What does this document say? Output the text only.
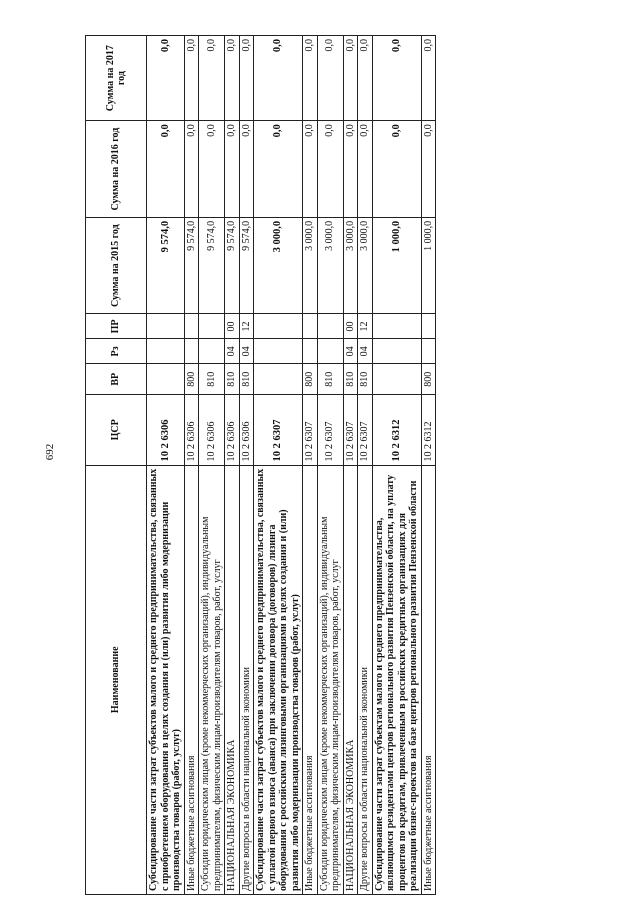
692
Наименование	ЦСР	ВР	Рз	ПР	Сумма на 2015 год	Сумма на 2016 год	Сумма на 2017 год
Субсидирование части затрат субъектов малого и среднего предпринимательства, связанных с приобретением оборудования в целях создания и (или) развития либо модернизации производства товаров (работ, услуг)	10 2 6306				9 574,0	0,0	0,0
Иные бюджетные ассигнования	10 2 6306	800			9 574,0	0,0	0,0
Субсидии юридическим лицам (кроме некоммерческих организаций), индивидуальным предпринимателям, физическим лицам-производителям товаров, работ, услуг	10 2 6306	810			9 574,0	0,0	0,0
НАЦИОНАЛЬНАЯ ЭКОНОМИКА	10 2 6306	810	04	00	9 574,0	0,0	0,0
Другие вопросы в области национальной экономики	10 2 6306	810	04	12	9 574,0	0,0	0,0
Субсидирование части затрат субъектов малого и среднего предпринимательства, связанных с уплатой первого взноса (аванса) при заключении договора (договоров) лизинга оборудования с российскими лизинговыми организациями в целях создания и (или) развития либо модернизации производства товаров (работ, услуг)	10 2 6307				3 000,0	0,0	0,0
Иные бюджетные ассигнования	10 2 6307	800			3 000,0	0,0	0,0
Субсидии юридическим лицам (кроме некоммерческих организаций), индивидуальным предпринимателям, физическим лицам-производителям товаров, работ, услуг	10 2 6307	810			3 000,0	0,0	0,0
НАЦИОНАЛЬНАЯ ЭКОНОМИКА	10 2 6307	810	04	00	3 000,0	0,0	0,0
Другие вопросы в области национальной экономики	10 2 6307	810	04	12	3 000,0	0,0	0,0
Субсидирование части затрат субъектам малого и среднего предпринимательства, являющимся резидентами центров регионального развития Пензенской области, на уплату процентов по кредитам, привлеченным в российских кредитных организациях для реализации бизнес-проектов на базе центров регионального развития Пензенской области	10 2 6312				1 000,0	0,0	0,0
Иные бюджетные ассигнования	10 2 6312	800			1 000,0	0,0	0,0
